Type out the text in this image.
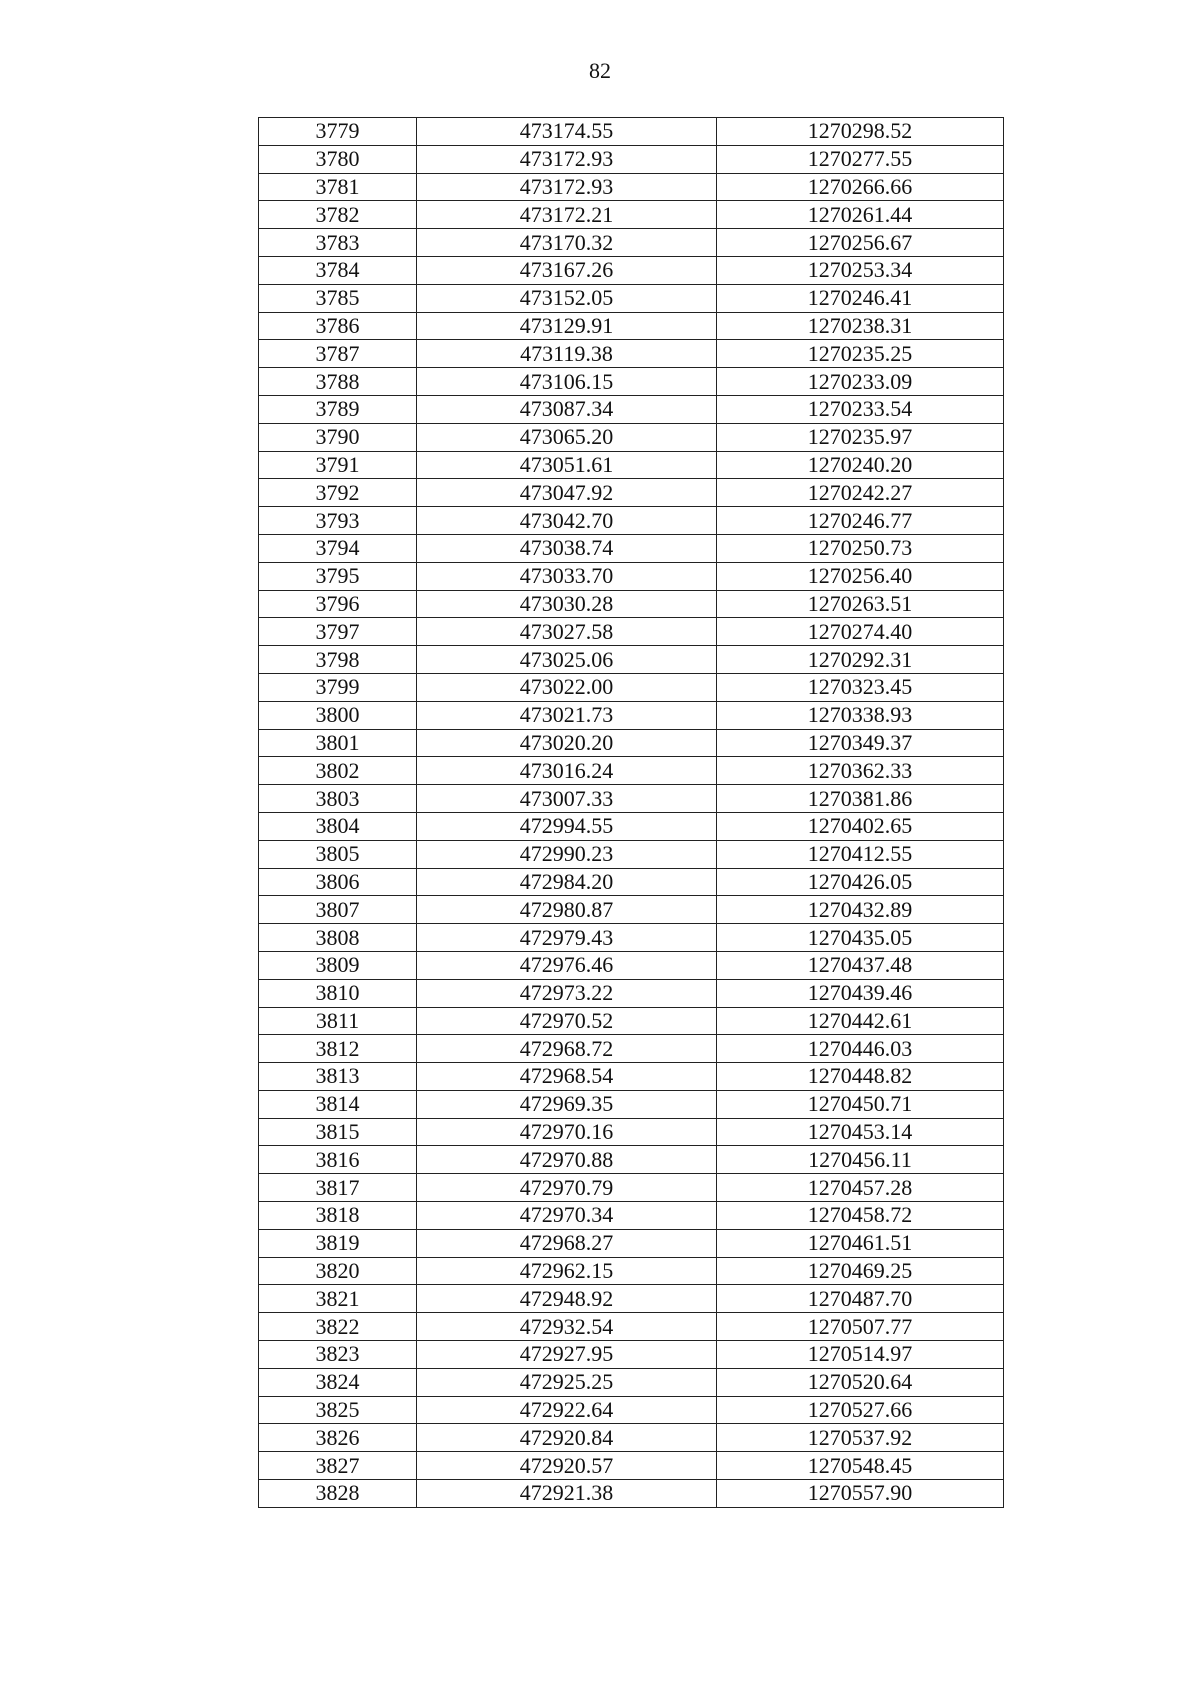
82
3779	473174.55	1270298.52
3780	473172.93	1270277.55
3781	473172.93	1270266.66
3782	473172.21	1270261.44
3783	473170.32	1270256.67
3784	473167.26	1270253.34
3785	473152.05	1270246.41
3786	473129.91	1270238.31
3787	473119.38	1270235.25
3788	473106.15	1270233.09
3789	473087.34	1270233.54
3790	473065.20	1270235.97
3791	473051.61	1270240.20
3792	473047.92	1270242.27
3793	473042.70	1270246.77
3794	473038.74	1270250.73
3795	473033.70	1270256.40
3796	473030.28	1270263.51
3797	473027.58	1270274.40
3798	473025.06	1270292.31
3799	473022.00	1270323.45
3800	473021.73	1270338.93
3801	473020.20	1270349.37
3802	473016.24	1270362.33
3803	473007.33	1270381.86
3804	472994.55	1270402.65
3805	472990.23	1270412.55
3806	472984.20	1270426.05
3807	472980.87	1270432.89
3808	472979.43	1270435.05
3809	472976.46	1270437.48
3810	472973.22	1270439.46
3811	472970.52	1270442.61
3812	472968.72	1270446.03
3813	472968.54	1270448.82
3814	472969.35	1270450.71
3815	472970.16	1270453.14
3816	472970.88	1270456.11
3817	472970.79	1270457.28
3818	472970.34	1270458.72
3819	472968.27	1270461.51
3820	472962.15	1270469.25
3821	472948.92	1270487.70
3822	472932.54	1270507.77
3823	472927.95	1270514.97
3824	472925.25	1270520.64
3825	472922.64	1270527.66
3826	472920.84	1270537.92
3827	472920.57	1270548.45
3828	472921.38	1270557.90
